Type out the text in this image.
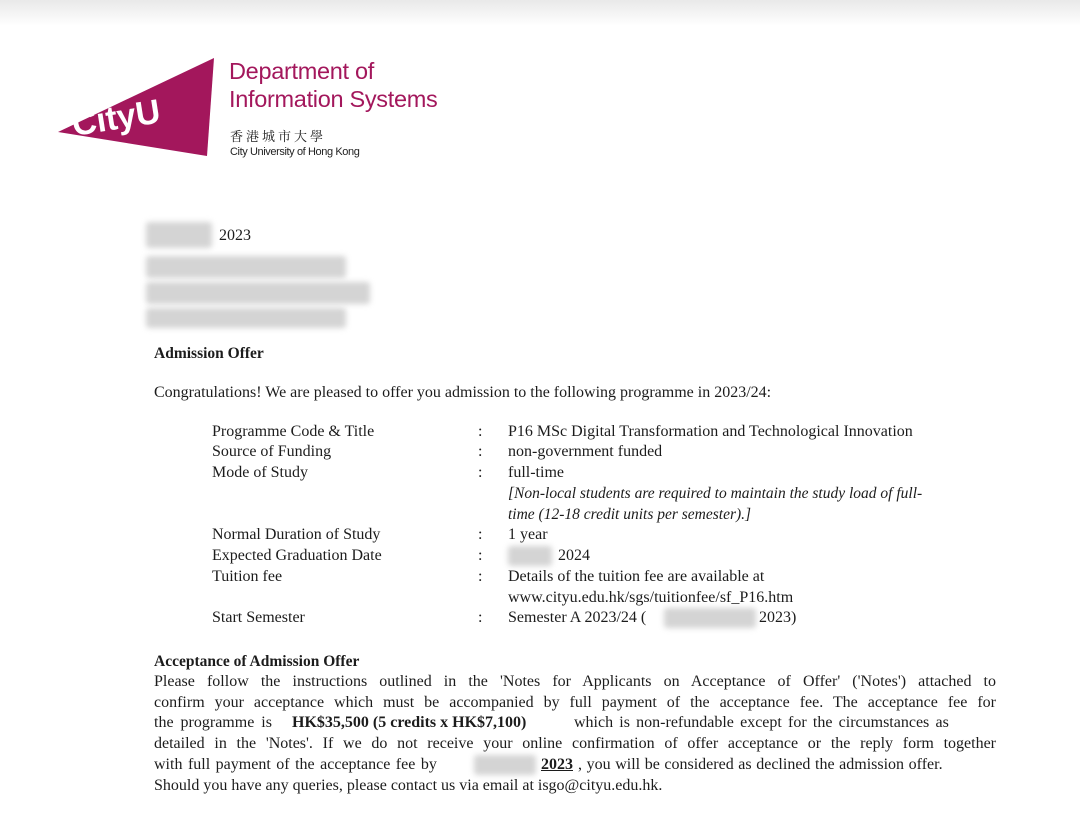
CityU
Department of
Information Systems
香港城市大學
City University of Hong Kong
2023
Admission Offer
Congratulations! We are pleased to offer you admission to the following programme in 2023/24:
Programme Code & Title	: P16 MSc Digital Transformation and Technological Innovation
Source of Funding	: non-government funded
Mode of Study	: full-time
[Non-local students are required to maintain the study load of full-
time (12-18 credit units per semester).]
Normal Duration of Study	: 1 year
Expected Graduation Date	:	2024
Tuition fee	: Details of the tuition fee are available at
www.cityu.edu.hk/sgs/tuitionfee/sf_P16.htm
Start Semester	: Semester A 2023/24 (	2023)
Acceptance of Admission Offer
Please follow the instructions outlined in the 'Notes for Applicants on Acceptance of Offer' ('Notes') attached to
confirm your acceptance which must be accompanied by full payment of the acceptance fee. The acceptance fee for
the programme is HK$35,500 (5 credits x HK$7,100)	which is non-refundable except for the circumstances as
detailed in the 'Notes'. If we do not receive your online confirmation of offer acceptance or the reply form together
with full payment of the acceptance fee by	2023 , you will be considered as declined the admission offer.
Should you have any queries, please contact us via email at isgo@cityu.edu.hk.
